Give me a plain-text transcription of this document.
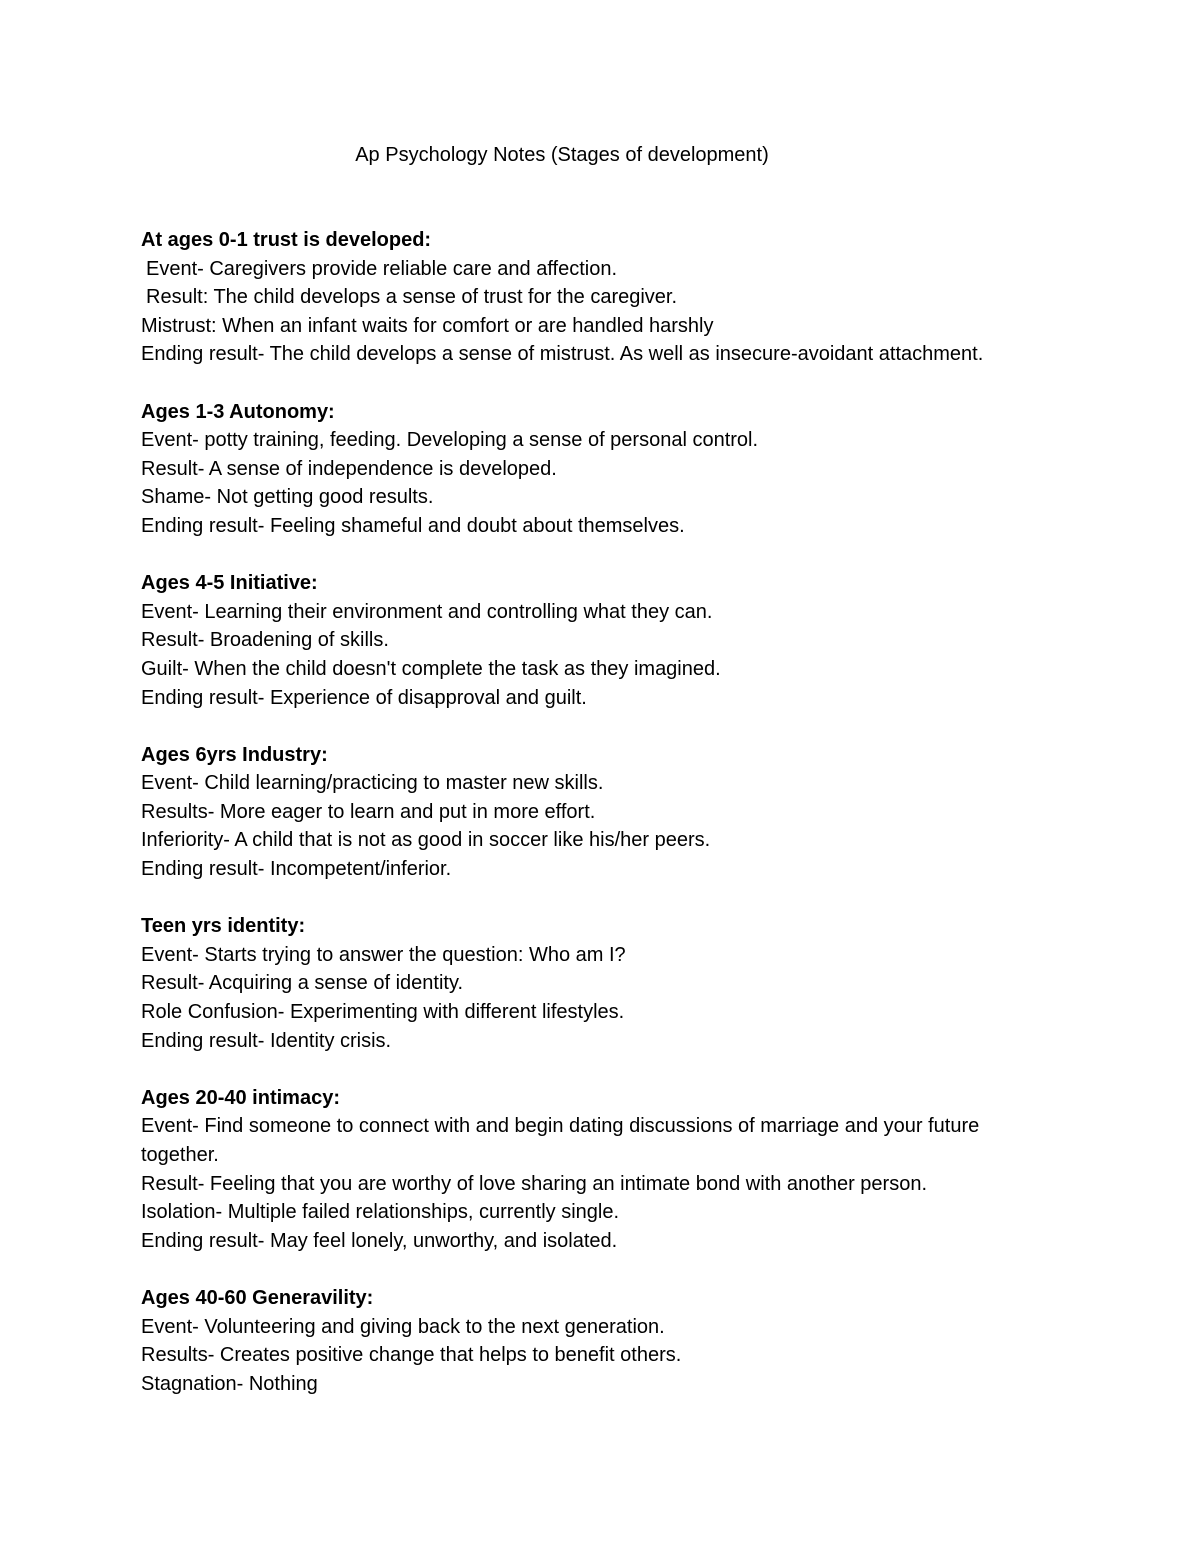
Ap Psychology Notes (Stages of development)

At ages 0-1 trust is developed:

Event- Caregivers provide reliable care and affection.

Result: The child develops a sense of trust for the caregiver.

Mistrust: When an infant waits for comfort or are handled harshly

Ending result- The child develops a sense of mistrust. As well as insecure-avoidant attachment.

Ages 1-3 Autonomy:

Event- potty training, feeding. Developing a sense of personal control.

Result- A sense of independence is developed.

Shame- Not getting good results.

Ending result- Feeling shameful and doubt about themselves.

Ages 4-5 Initiative:

Event- Learning their environment and controlling what they can.

Result- Broadening of skills.

Guilt- When the child doesn't complete the task as they imagined.

Ending result- Experience of disapproval and guilt.

Ages 6yrs Industry:

Event- Child learning/practicing to master new skills.

Results- More eager to learn and put in more effort.

Inferiority- A child that is not as good in soccer like his/her peers.

Ending result- Incompetent/inferior.

Teen yrs identity:

Event- Starts trying to answer the question: Who am I?

Result- Acquiring a sense of identity.

Role Confusion- Experimenting with different lifestyles.

Ending result- Identity crisis.

Ages 20-40 intimacy:

Event- Find someone to connect with and begin dating discussions of marriage and your future together.

Result- Feeling that you are worthy of love sharing an intimate bond with another person.

Isolation- Multiple failed relationships, currently single.

Ending result- May feel lonely, unworthy, and isolated.

Ages 40-60 Generavility:

Event- Volunteering and giving back to the next generation.

Results- Creates positive change that helps to benefit others.

Stagnation- Nothing
